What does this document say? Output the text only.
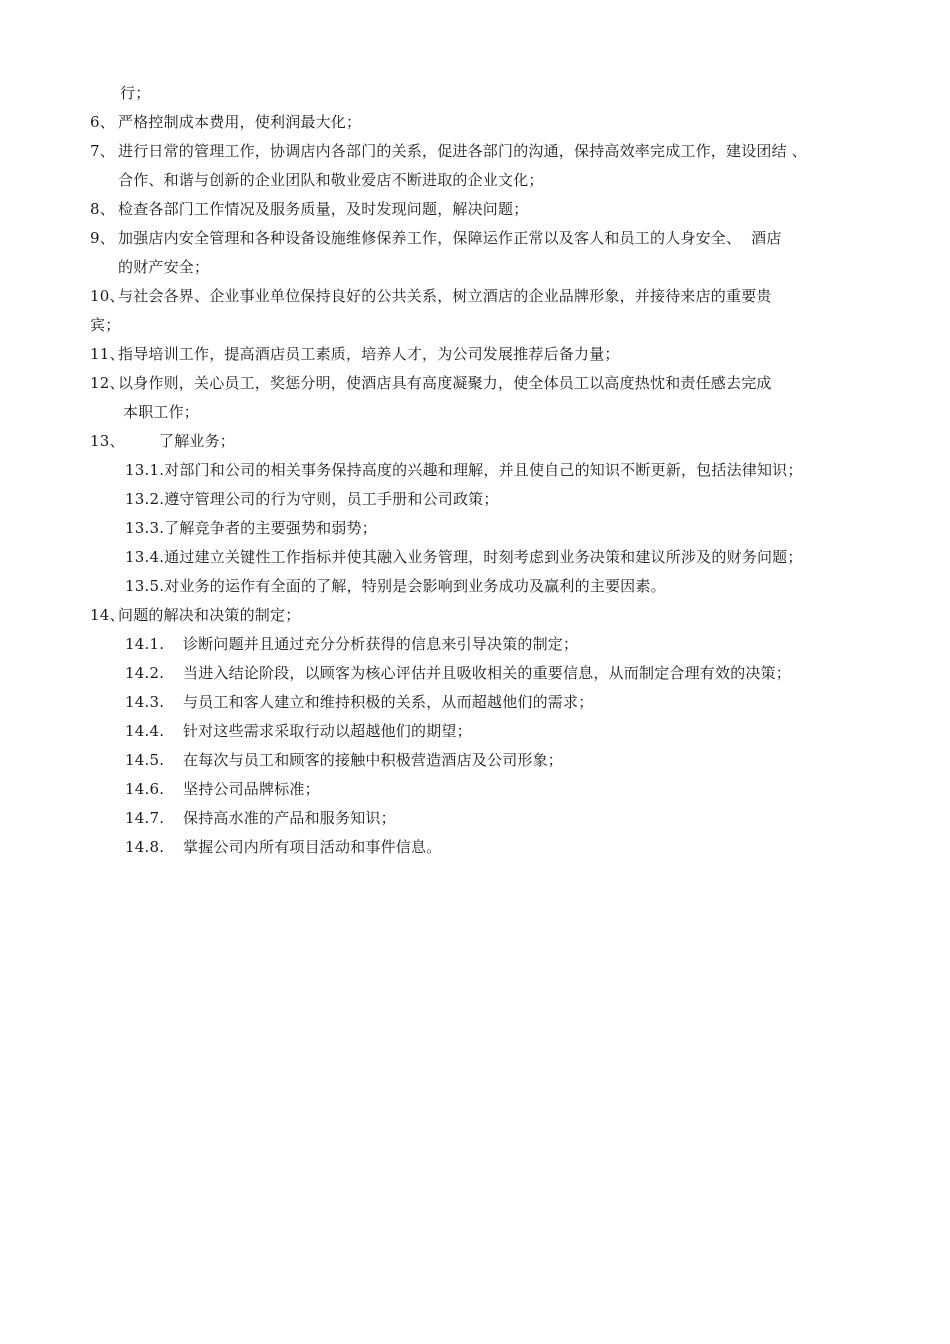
行；
6、 严格控制成本费用，使利润最大化；
7、 进行日常的管理工作，协调店内各部门的关系，促进各部门的沟通，保持高效率完成工作，建设团结 、
合作、和谐与创新的企业团队和敬业爱店不断进取的企业文化；
8、 检查各部门工作情况及服务质量，及时发现问题，解决问题；
9、 加强店内安全管理和各种设备设施维修保养工作，保障运作正常以及客人和员工的人身安全、  酒店
的财产安全；
10、与社会各界、企业事业单位保持良好的公共关系，树立酒店的企业品牌形象，并接待来店的重要贵
宾；
11、指导培训工作，提高酒店员工素质，培养人才，为公司发展推荐后备力量；
12、以身作则，关心员工，奖惩分明，使酒店具有高度凝聚力，使全体员工以高度热忱和责任感去完成
本职工作；
13、 了解业务；
13.1.对部门和公司的相关事务保持高度的兴趣和理解，并且使自己的知识不断更新，包括法律知识；
13.2.遵守管理公司的行为守则，员工手册和公司政策；
13.3.了解竞争者的主要强势和弱势；
13.4.通过建立关键性工作指标并使其融入业务管理，时刻考虑到业务决策和建议所涉及的财务问题；
13.5.对业务的运作有全面的了解，特别是会影响到业务成功及赢利的主要因素。
14、问题的解决和决策的制定；
14.1. 诊断问题并且通过充分分析获得的信息来引导决策的制定；
14.2. 当进入结论阶段，以顾客为核心评估并且吸收相关的重要信息，从而制定合理有效的决策；
14.3. 与员工和客人建立和维持积极的关系，从而超越他们的需求；
14.4. 针对这些需求采取行动以超越他们的期望；
14.5. 在每次与员工和顾客的接触中积极营造酒店及公司形象；
14.6. 坚持公司品牌标准；
14.7. 保持高水准的产品和服务知识；
14.8. 掌握公司内所有项目活动和事件信息。
